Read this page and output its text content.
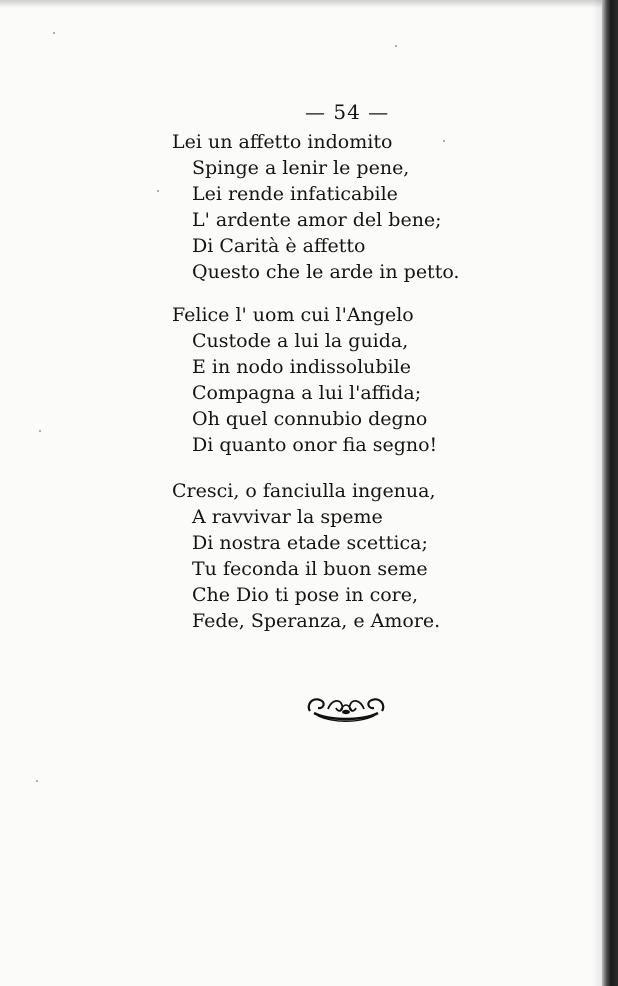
— 54 —
Lei un affetto indomito
Spinge a lenir le pene,
Lei rende infaticabile
L' ardente amor del bene;
Di Carità è affetto
Questo che le arde in petto.
Felice l' uom cui l'Angelo
Custode a lui la guida,
E in nodo indissolubile
Compagna a lui l'affida;
Oh quel connubio degno
Di quanto onor fia segno!
Cresci, o fanciulla ingenua,
A ravvivar la speme
Di nostra etade scettica;
Tu feconda il buon seme
Che Dio ti pose in core,
Fede, Speranza, e Amore.
